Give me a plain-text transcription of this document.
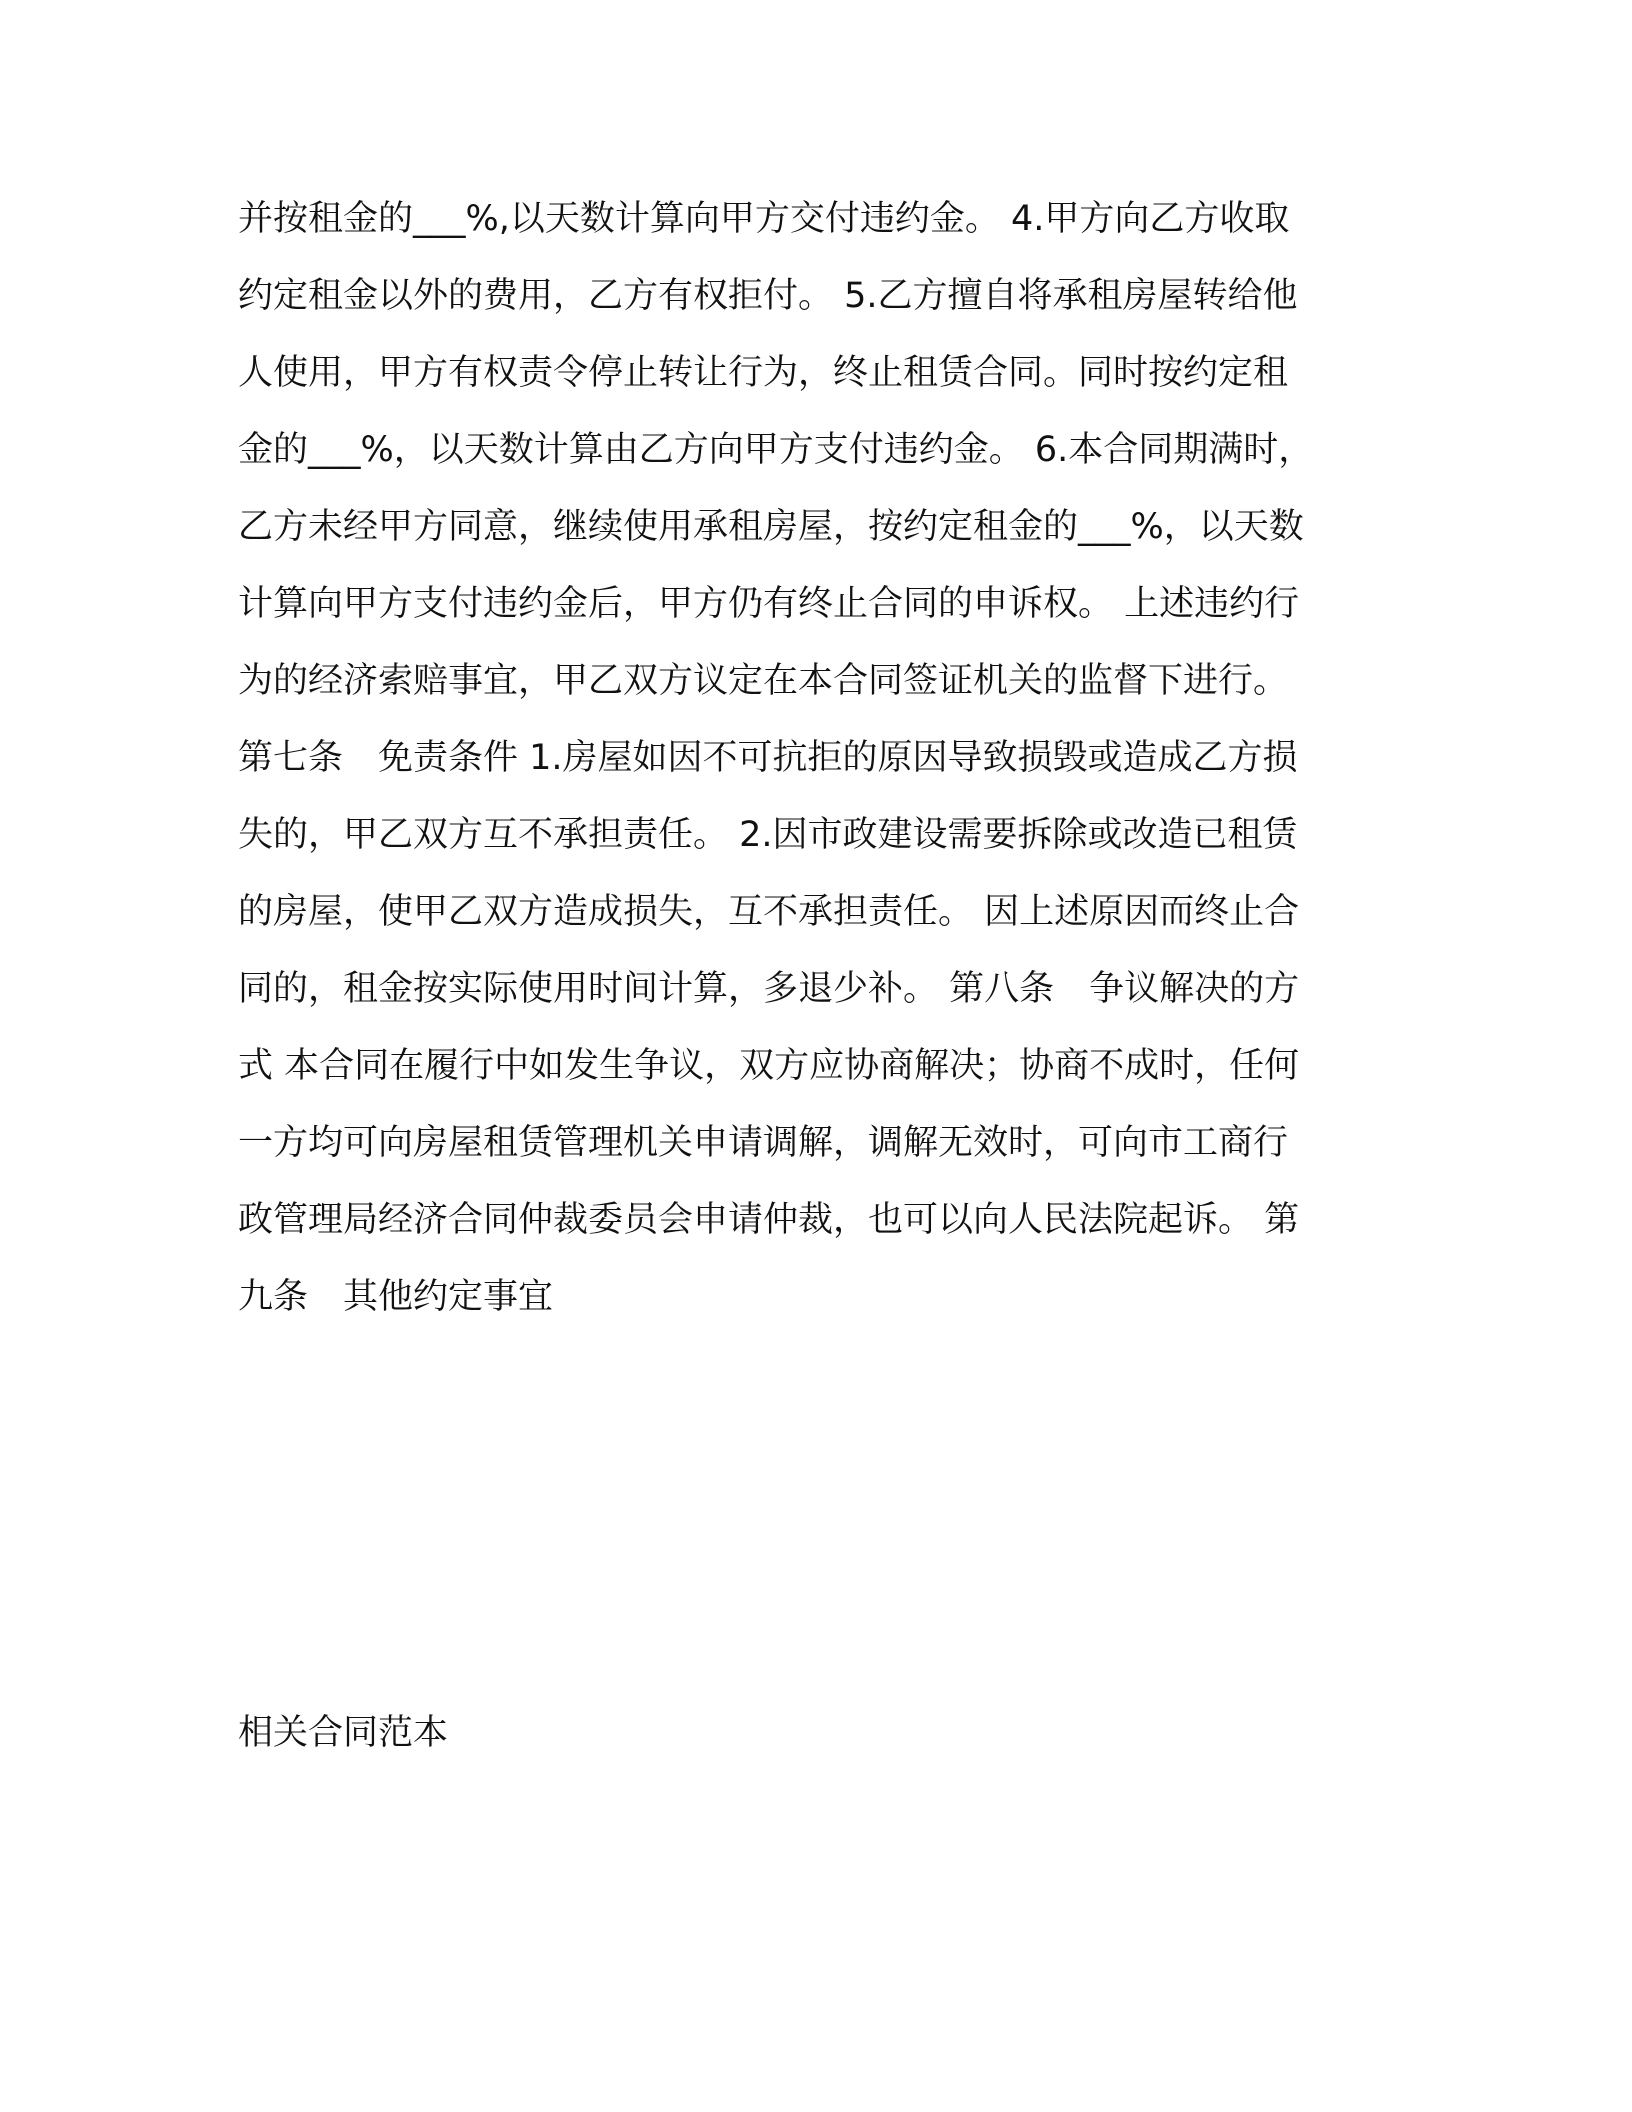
并按租金的___%,以天数计算向甲方交付违约金。 4.甲方向乙方收取
约定租金以外的费用，乙方有权拒付。 5.乙方擅自将承租房屋转给他
人使用，甲方有权责令停止转让行为，终止租赁合同。同时按约定租
金的___%，以天数计算由乙方向甲方支付违约金。 6.本合同期满时，
乙方未经甲方同意，继续使用承租房屋，按约定租金的___%，以天数
计算向甲方支付违约金后，甲方仍有终止合同的申诉权。 上述违约行
为的经济索赔事宜，甲乙双方议定在本合同签证机关的监督下进行。
第七条　免责条件 1.房屋如因不可抗拒的原因导致损毁或造成乙方损
失的，甲乙双方互不承担责任。 2.因市政建设需要拆除或改造已租赁
的房屋，使甲乙双方造成损失，互不承担责任。 因上述原因而终止合
同的，租金按实际使用时间计算，多退少补。 第八条　争议解决的方
式 本合同在履行中如发生争议，双方应协商解决；协商不成时，任何
一方均可向房屋租赁管理机关申请调解，调解无效时，可向市工商行
政管理局经济合同仲裁委员会申请仲裁，也可以向人民法院起诉。 第
九条　其他约定事宜
相关合同范本
